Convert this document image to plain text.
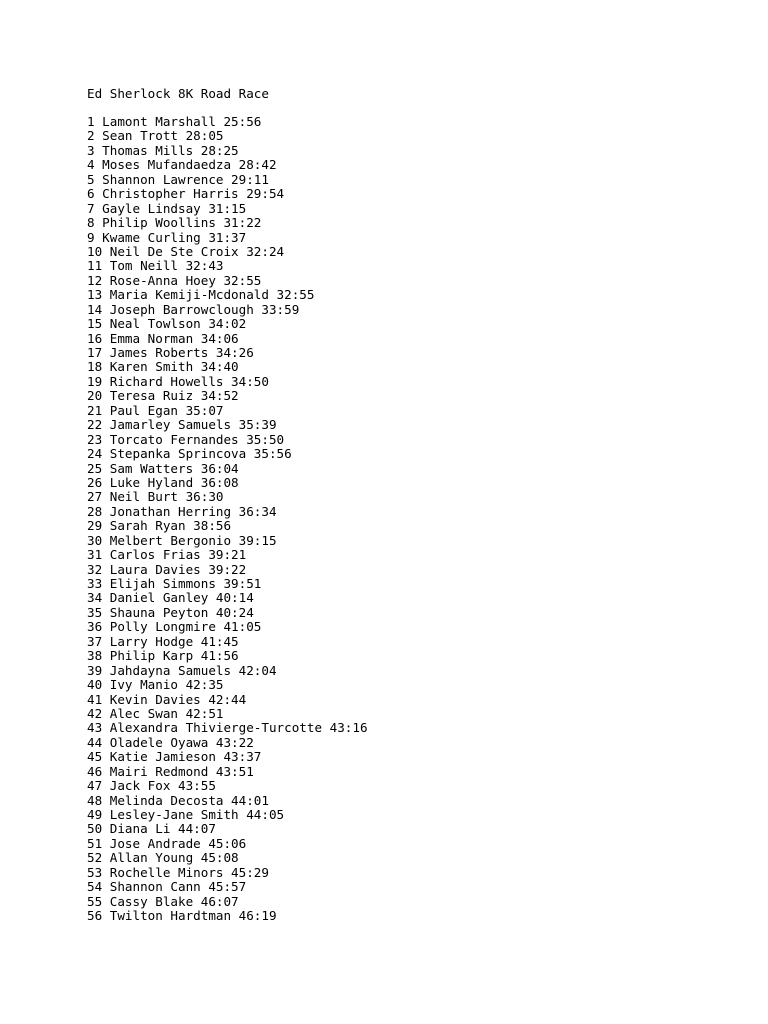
Ed Sherlock 8K Road Race
1 Lamont Marshall 25:56
2 Sean Trott 28:05
3 Thomas Mills 28:25
4 Moses Mufandaedza 28:42
5 Shannon Lawrence 29:11
6 Christopher Harris 29:54
7 Gayle Lindsay 31:15
8 Philip Woollins 31:22
9 Kwame Curling 31:37
10 Neil De Ste Croix 32:24
11 Tom Neill 32:43
12 Rose-Anna Hoey 32:55
13 Maria Kemiji-Mcdonald 32:55
14 Joseph Barrowclough 33:59
15 Neal Towlson 34:02
16 Emma Norman 34:06
17 James Roberts 34:26
18 Karen Smith 34:40
19 Richard Howells 34:50
20 Teresa Ruiz 34:52
21 Paul Egan 35:07
22 Jamarley Samuels 35:39
23 Torcato Fernandes 35:50
24 Stepanka Sprincova 35:56
25 Sam Watters 36:04
26 Luke Hyland 36:08
27 Neil Burt 36:30
28 Jonathan Herring 36:34
29 Sarah Ryan 38:56
30 Melbert Bergonio 39:15
31 Carlos Frias 39:21
32 Laura Davies 39:22
33 Elijah Simmons 39:51
34 Daniel Ganley 40:14
35 Shauna Peyton 40:24
36 Polly Longmire 41:05
37 Larry Hodge 41:45
38 Philip Karp 41:56
39 Jahdayna Samuels 42:04
40 Ivy Manio 42:35
41 Kevin Davies 42:44
42 Alec Swan 42:51
43 Alexandra Thivierge-Turcotte 43:16
44 Oladele Oyawa 43:22
45 Katie Jamieson 43:37
46 Mairi Redmond 43:51
47 Jack Fox 43:55
48 Melinda Decosta 44:01
49 Lesley-Jane Smith 44:05
50 Diana Li 44:07
51 Jose Andrade 45:06
52 Allan Young 45:08
53 Rochelle Minors 45:29
54 Shannon Cann 45:57
55 Cassy Blake 46:07
56 Twilton Hardtman 46:19
